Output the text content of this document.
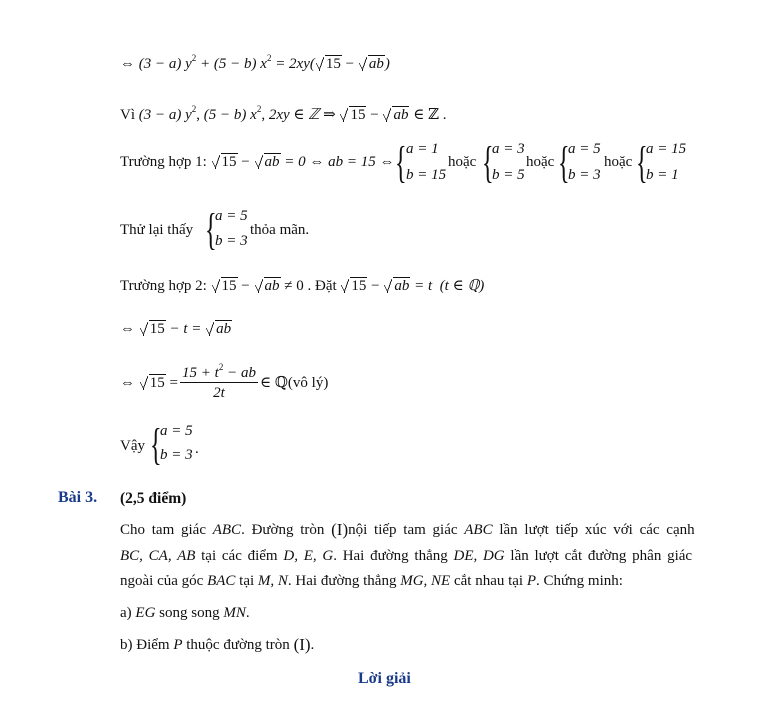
⇔ (3 − a) $y^2 + (5 - b) x^2 = 2xy$( 15 − ab)
Vì (3 − a) $y^2$, (5 − b) $x^2$, 2xy ∈ ℤ ⇒ 15 − ab ∈ ℤ .
Trường hợp 1: 15 − ab = 0 ⇔ ab = 15 ⇔ { a = 1
b = 15
hoặc {
a = 3
b = 5
hoặc {
a = 5
b = 3
hoặc {
a = 15
b = 1
Thử lại thấy {
a = 5
b = 3
thỏa mãn.
Trường hợp 2: 15 − ab ≠ 0 . Đặt 15 − ab = t (t ∈ ℚ)
⇔ 15 − t = ab
⇔ 15 =
$15 + t^2$ − ab
2t
∈ ℚ(vô lý)
Vậy {
a = 5
b = 3 .
Bài 3. (2,5 điểm)
Cho tam giác ABC. Đường tròn (I)nội tiếp tam giác ABC lần lượt tiếp xúc với các cạnh
BC, CA, AB tại các điểm D, E, G. Hai đường thẳng DE, DG lần lượt cắt đường phân giác
ngoài của góc BAC tại M, N. Hai đường thẳng MG, NE cắt nhau tại P. Chứng minh:
a) EG song song MN.
b) Điểm P thuộc đường tròn (I).
Lời giải
